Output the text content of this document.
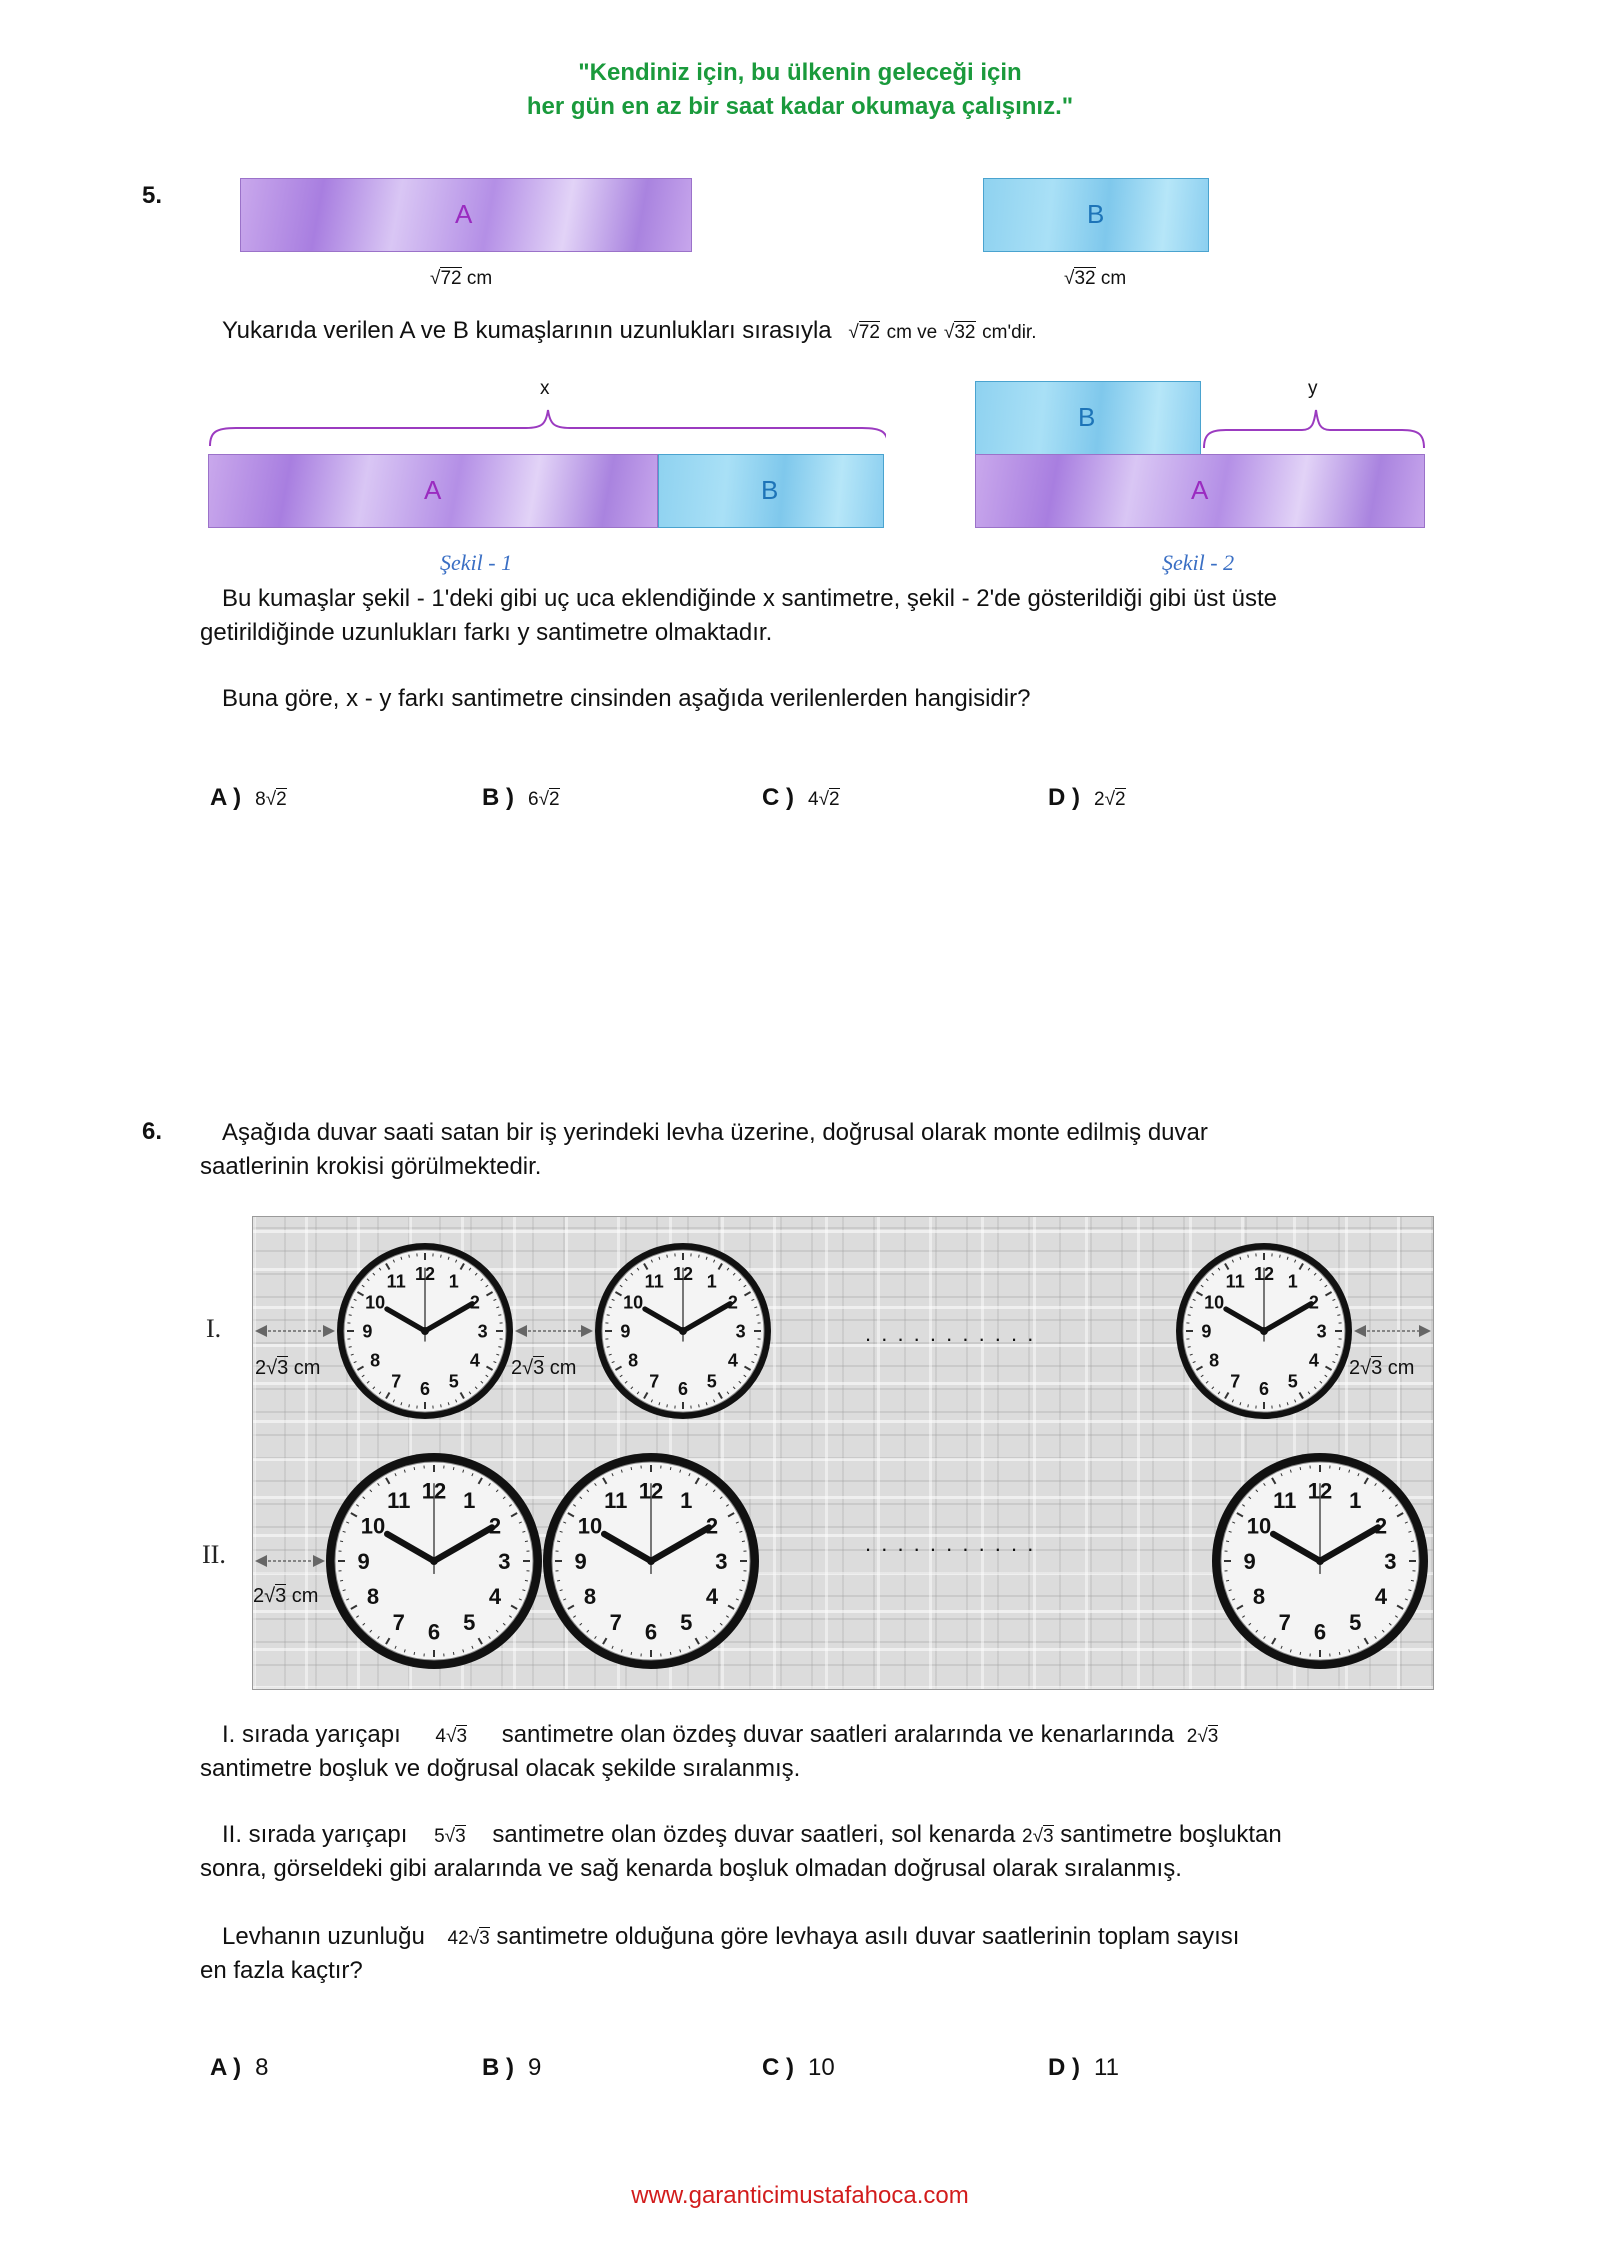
"Kendiniz için, bu ülkenin geleceği için
her gün en az bir saat kadar okumaya çalışınız."
5.
A	B
√72 cm	√32 cm
Yukarıda verilen A ve B kumaşlarının uzunlukları sırasıyla √72 cm ve √32 cm'dir.
x
A	B
Şekil - 1
B
A
y
Şekil - 2
Bu kumaşlar şekil - 1'deki gibi uç uca eklendiğinde x santimetre, şekil - 2'de gösterildiği gibi üst üste
getirildiğinde uzunlukları farkı y santimetre olmaktadır.
Buna göre, x - y farkı santimetre cinsinden aşağıda verilenlerden hangisidir?
A ) 8√2	B ) 6√2	C ) 4√2	D ) 2√2
6. Aşağıda duvar saati satan bir iş yerindeki levha üzerine, doğrusal olarak monte edilmiş duvar
saatlerinin krokisi görülmektedir.
I.
II.
12 1
2
3
4
5
6
7
8
9
10
11	12 1
2
3
4
5
6
7
8
9
10
11	12 1
2
3
4
5
6
7
8
9
10
11
12 1
2
3
4
5
6
7
8
9
10
11	12 1
2
3
4
5
6
7
8
9
10
11	12 1
2
3
4
5
6
7
8
9
10
11
2√3 cm	2√3 cm	2√3 cm
2√3 cm
. . . . . . . . . . .
. . . . . . . . . . .
I. sırada yarıçapı 4√3 santimetre olan özdeş duvar saatleri aralarında ve kenarlarında 2√3
santimetre boşluk ve doğrusal olacak şekilde sıralanmış.
II. sırada yarıçapı 5√3 santimetre olan özdeş duvar saatleri, sol kenarda 2√3 santimetre boşluktan
sonra, görseldeki gibi aralarında ve sağ kenarda boşluk olmadan doğrusal olarak sıralanmış.
Levhanın uzunluğu 42√3 santimetre olduğuna göre levhaya asılı duvar saatlerinin toplam sayısı
en fazla kaçtır?
A ) 8	B ) 9	C ) 10	D ) 11
www.garanticimustafahoca.com
